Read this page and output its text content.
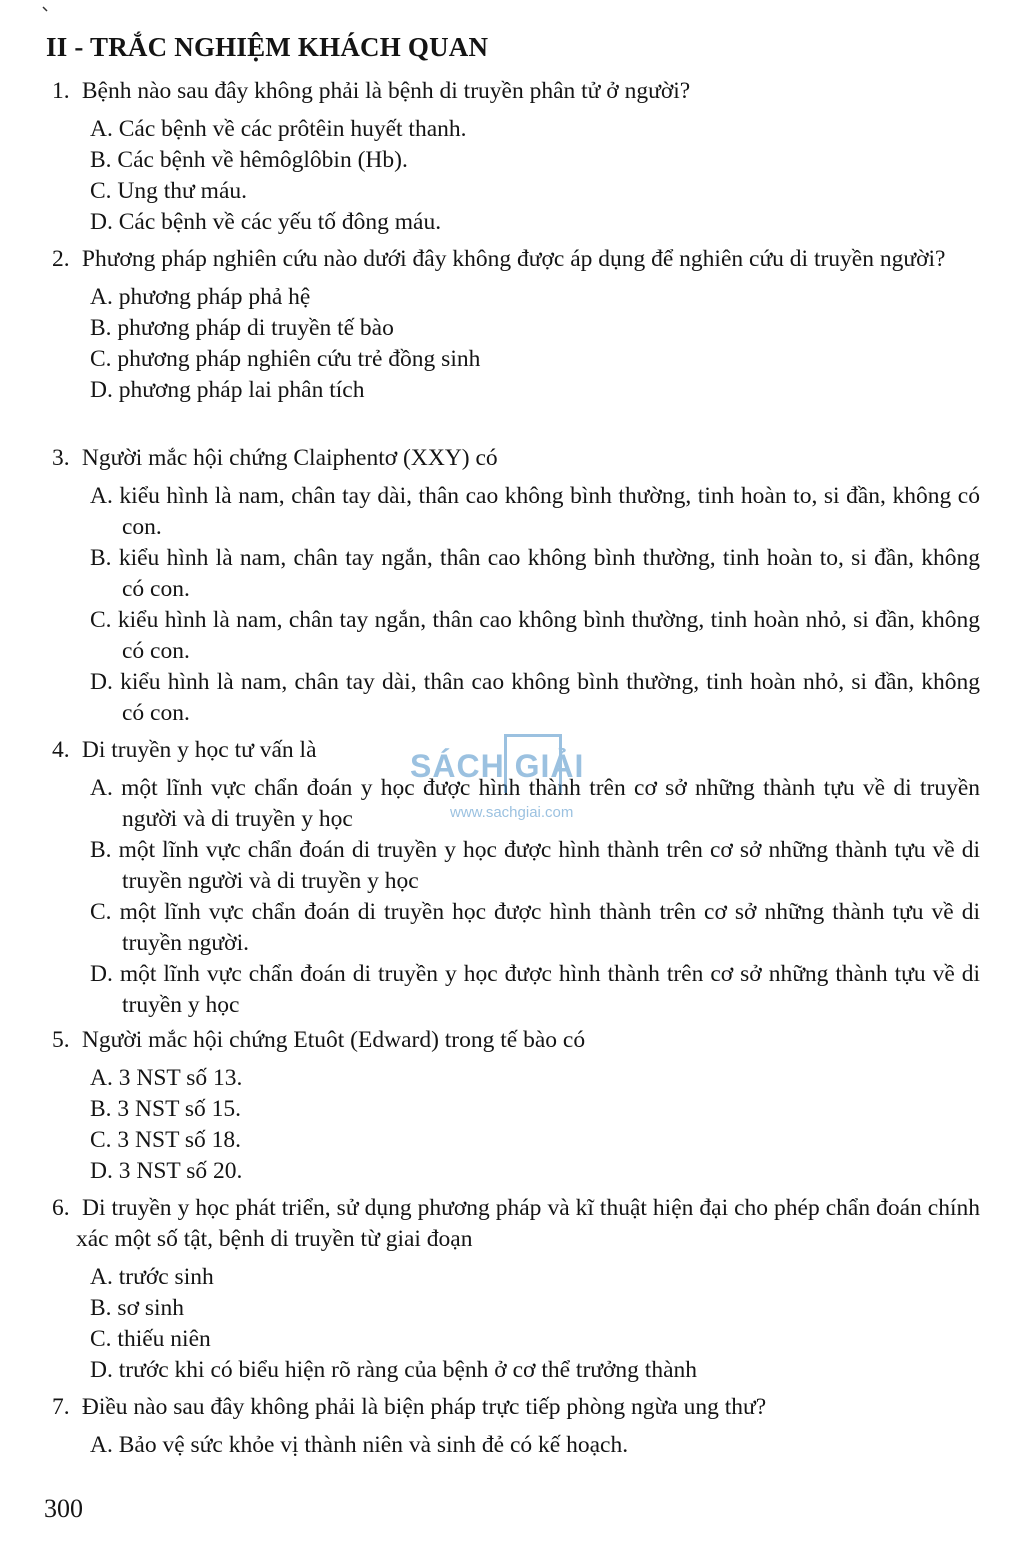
II - TRẮC NGHIỆM KHÁCH QUAN
1. Bệnh nào sau đây không phải là bệnh di truyền phân tử ở người?
A. Các bệnh về các prôtêin huyết thanh.
B. Các bệnh về hêmôglôbin (Hb).
C. Ung thư máu.
D. Các bệnh về các yếu tố đông máu.
2. Phương pháp nghiên cứu nào dưới đây không được áp dụng để nghiên cứu di truyền người?
A. phương pháp phả hệ
B. phương pháp di truyền tế bào
C. phương pháp nghiên cứu trẻ đồng sinh
D. phương pháp lai phân tích
3. Người mắc hội chứng Claiphentơ (XXY) có
A. kiểu hình là nam, chân tay dài, thân cao không bình thường, tinh hoàn to, si đần, không có con.
B. kiểu hình là nam, chân tay ngắn, thân cao không bình thường, tinh hoàn to, si đần, không có con.
C. kiểu hình là nam, chân tay ngắn, thân cao không bình thường, tinh hoàn nhỏ, si đần, không có con.
D. kiểu hình là nam, chân tay dài, thân cao không bình thường, tinh hoàn nhỏ, si đần, không có con.
4. Di truyền y học tư vấn là
A. một lĩnh vực chẩn đoán y học được hình thành trên cơ sở những thành tựu về di truyền người và di truyền y học
B. một lĩnh vực chẩn đoán di truyền y học được hình thành trên cơ sở những thành tựu về di truyền người và di truyền y học
C. một lĩnh vực chẩn đoán di truyền học được hình thành trên cơ sở những thành tựu về di truyền người.
D. một lĩnh vực chẩn đoán di truyền y học được hình thành trên cơ sở những thành tựu về di truyền y học
5. Người mắc hội chứng Etuôt (Edward) trong tế bào có
A. 3 NST số 13.
B. 3 NST số 15.
C. 3 NST số 18.
D. 3 NST số 20.
6. Di truyền y học phát triển, sử dụng phương pháp và kĩ thuật hiện đại cho phép chẩn đoán chính xác một số tật, bệnh di truyền từ giai đoạn
A. trước sinh
B. sơ sinh
C. thiếu niên
D. trước khi có biểu hiện rõ ràng của bệnh ở cơ thể trưởng thành
7. Điều nào sau đây không phải là biện pháp trực tiếp phòng ngừa ung thư?
A. Bảo vệ sức khỏe vị thành niên và sinh đẻ có kế hoạch.
SÁCH GIẢI
www.sachgiai.com
300
